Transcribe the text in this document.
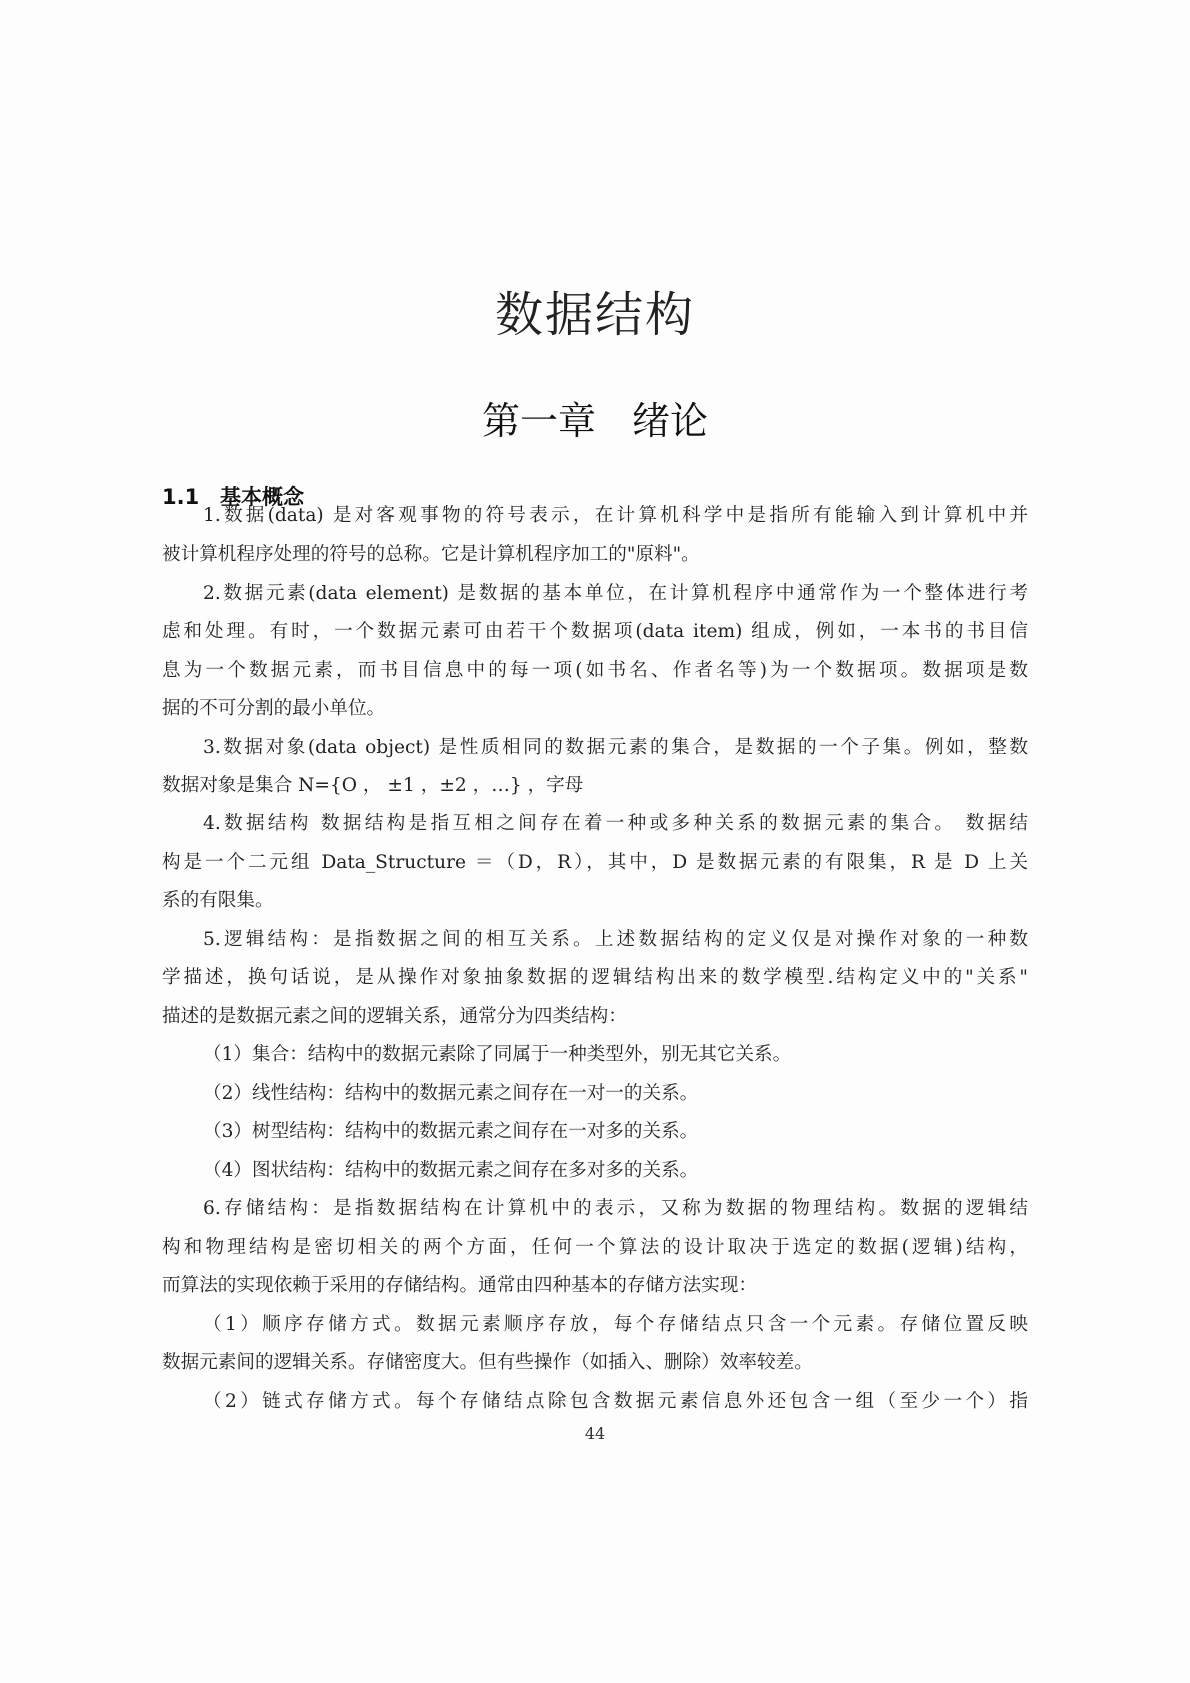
数据结构
第一章 绪论
1.1 基本概念
1.数据(data) 是对客观事物的符号表示，在计算机科学中是指所有能输入到计算机中并
被计算机程序处理的符号的总称。它是计算机程序加工的"原料"。
2.数据元素(data element) 是数据的基本单位，在计算机程序中通常作为一个整体进行考
虑和处理。有时，一个数据元素可由若干个数据项(data item) 组成，例如，一本书的书目信
息为一个数据元素，而书目信息中的每一项(如书名、作者名等)为一个数据项。数据项是数
据的不可分割的最小单位。
3.数据对象(data object) 是性质相同的数据元素的集合，是数据的一个子集。例如，整数
数据对象是集合 N={O ， ±1 ，±2 ，…} ，字母
4.数据结构 数据结构是指互相之间存在着一种或多种关系的数据元素的集合。 数据结
构是一个二元组 Data_Structure ＝（D，R），其中，D 是数据元素的有限集，R 是 D 上关
系的有限集。
5.逻辑结构：是指数据之间的相互关系。上述数据结构的定义仅是对操作对象的一种数
学描述，换句话说，是从操作对象抽象数据的逻辑结构出来的数学模型.结构定义中的"关系"
描述的是数据元素之间的逻辑关系，通常分为四类结构：
（1）集合：结构中的数据元素除了同属于一种类型外，别无其它关系。
（2）线性结构：结构中的数据元素之间存在一对一的关系。
（3）树型结构：结构中的数据元素之间存在一对多的关系。
（4）图状结构：结构中的数据元素之间存在多对多的关系。
6.存储结构：是指数据结构在计算机中的表示，又称为数据的物理结构。数据的逻辑结
构和物理结构是密切相关的两个方面，任何一个算法的设计取决于选定的数据(逻辑)结构，
而算法的实现依赖于采用的存储结构。通常由四种基本的存储方法实现：
（1）顺序存储方式。数据元素顺序存放，每个存储结点只含一个元素。存储位置反映
数据元素间的逻辑关系。存储密度大。但有些操作（如插入、删除）效率较差。
（2）链式存储方式。每个存储结点除包含数据元素信息外还包含一组（至少一个）指
44
